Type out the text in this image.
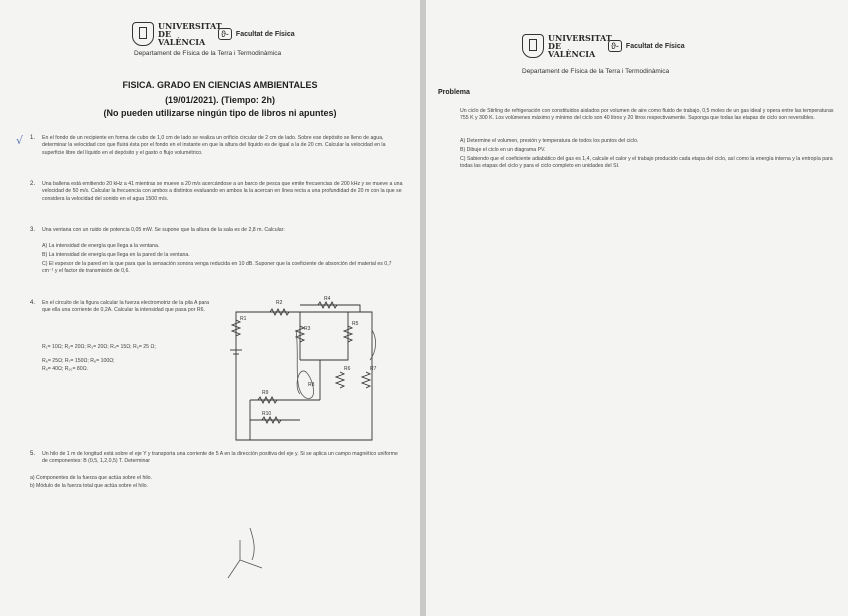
UNIVERSITAT DE VALÈNCIA
ϑ-	Facultat de Física
Departament de Física de la Terra i Termodinàmica
FISICA. GRADO EN CIENCIAS AMBIENTALES
(19/01/2021). (Tiempo: 2h)
(No pueden utilizarse ningún tipo de libros ni apuntes)
√ 1. En el fondo de un recipiente en forma de cubo de 1,0 cm de lado se realiza un orificio circular de 2 cm de lado. Sobre ese depósito se lleno de agua, determinar la velocidad con que fluirá ésta por el fondo en el instante en que la altura del líquido es de igual a la de 20 cm. Calcular la velocidad en la superficie libre del líquido en el depósito y el gasto o flujo volumétrico.
2. Una ballena está emitiendo 20 kHz a 41 mientras se mueve a 20 m/s acercándose a un barco de pesca que emite frecuencias de 200 kHz y se mueve a una velocidad de 50 m/s. Calcular la frecuencia con ambos a distintos evaluando en ambos la la acercan en línea recta a una profundidad de 20 m con la que se considera la velocidad del sonido en el agua 1500 m/s.
3. Una ventana con un ruido de potencia 0,05 mW. Se supone que la altura de la sala es de 2,8 m. Calcular:
A) La intensidad de energía que llega a la ventana.
B) La intensidad de energía que llega en la pared de la ventana.
C) El espesor de la pared en la que para que la sensación sonora venga reducida en 10 dB. Suponer que la coeficiente de absorción del material es 0,7 cm⁻¹ y el factor de transmisión de 0,6.
4. En el circuito de la figura calcular la fuerza electromotriz de la pila A para que ella una corriente de 0,2A. Calcular la intensidad que pasa por R6.
R₁= 10Ω; R₂= 20Ω; R₃= 20Ω; R₄= 15Ω; R₅= 25 Ω;
R₆= 25Ω; R₇= 150Ω; R₈= 100Ω;
R₉= 40Ω; R₁₀= 80Ω.
R1
R2
R3
R4
R5
R6	R7
R8
R9
R10
5. Un hilo de 1 m de longitud está sobre el eje Y y transporta una corriente de 5 A en la dirección positiva del eje y. Si se aplica un campo magnético uniforme de componentes: B (0,5, 1,2,0,5) T. Determinar
a) Componentes de la fuerza que actúa sobre el hilo.
b) Módulo de la fuerza total que actúa sobre el hilo.
UNIVERSITAT DE VALÈNCIA
ϑ-	Facultat de Física
Departament de Física de la Terra i Termodinàmica
Problema
Un ciclo de Stirling de refrigeración con constituidos aislados por volumen de aire como fluido de trabajo, 0,5 moles de un gas ideal y opera entre las temperaturas 755 K y 300 K. Los volúmenes máximo y mínimo del ciclo son 40 litros y 20 litros respectivamente. Suponga que todas las etapas de ciclo son reversibles.
A) Determine el volumen, presión y temperatura de todos los puntos del ciclo.
B) Dibuje el ciclo en un diagrama PV.
C) Sabiendo que el coeficiente adiabático del gas es 1,4, calcule el calor y el trabajo producido cada etapa del ciclo, así como la energía interna y la entropía para todas las etapas del ciclo y para el ciclo completo en unidades del SI.
